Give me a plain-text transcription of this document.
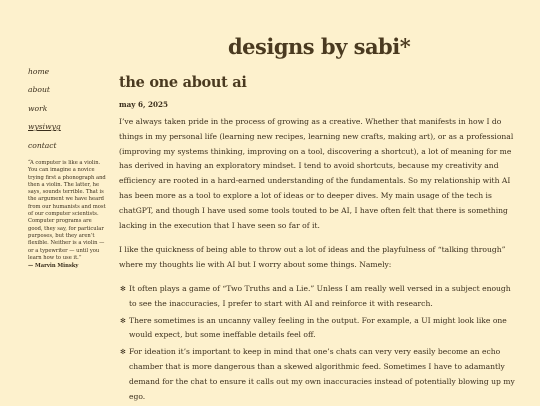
designs by sabi*
home
about
work
wysiwyg
contact
“A computer is like a violin. You can imagine a novice trying first a phonograph and then a violin. The latter, he says, sounds terrible. That is the argument we have heard from our humanists and most of our computer scientists. Computer programs are good, they say, for particular purposes, but they aren’t flexible. Neither is a violin — or a typewriter — until you learn how to use it.”
— Marvin Minsky
the one about ai
may 6, 2025

I’ve always taken pride in the process of growing as a creative. Whether that manifests in how I do things in my personal life (learning new recipes, learning new crafts, making art), or as a professional (improving my systems thinking, improving on a tool, discovering a shortcut), a lot of meaning for me has derived in having an exploratory mindset. I tend to avoid shortcuts, because my creativity and efficiency are rooted in a hard-earned understanding of the fundamentals. So my relationship with AI has been more as a tool to explore a lot of ideas or to deeper dives. My main usage of the tech is chatGPT, and though I have used some tools touted to be AI, I have often felt that there is something lacking in the execution that I have seen so far of it.

I like the quickness of being able to throw out a lot of ideas and the playfulness of “talking through” where my thoughts lie with AI but I worry about some things. Namely:

✻ It often plays a game of “Two Truths and a Lie.” Unless I am really well versed in a subject enough to see the inaccuracies, I prefer to start with AI and reinforce it with research.
✻ There sometimes is an uncanny valley feeling in the output. For example, a UI might look like one would expect, but some ineffable details feel off.
✻ For ideation it’s important to keep in mind that one’s chats can very very easily become an echo chamber that is more dangerous than a skewed algorithmic feed. Sometimes I have to adamantly demand for the chat to ensure it calls out my own inaccuracies instead of potentially blowing up my ego.
